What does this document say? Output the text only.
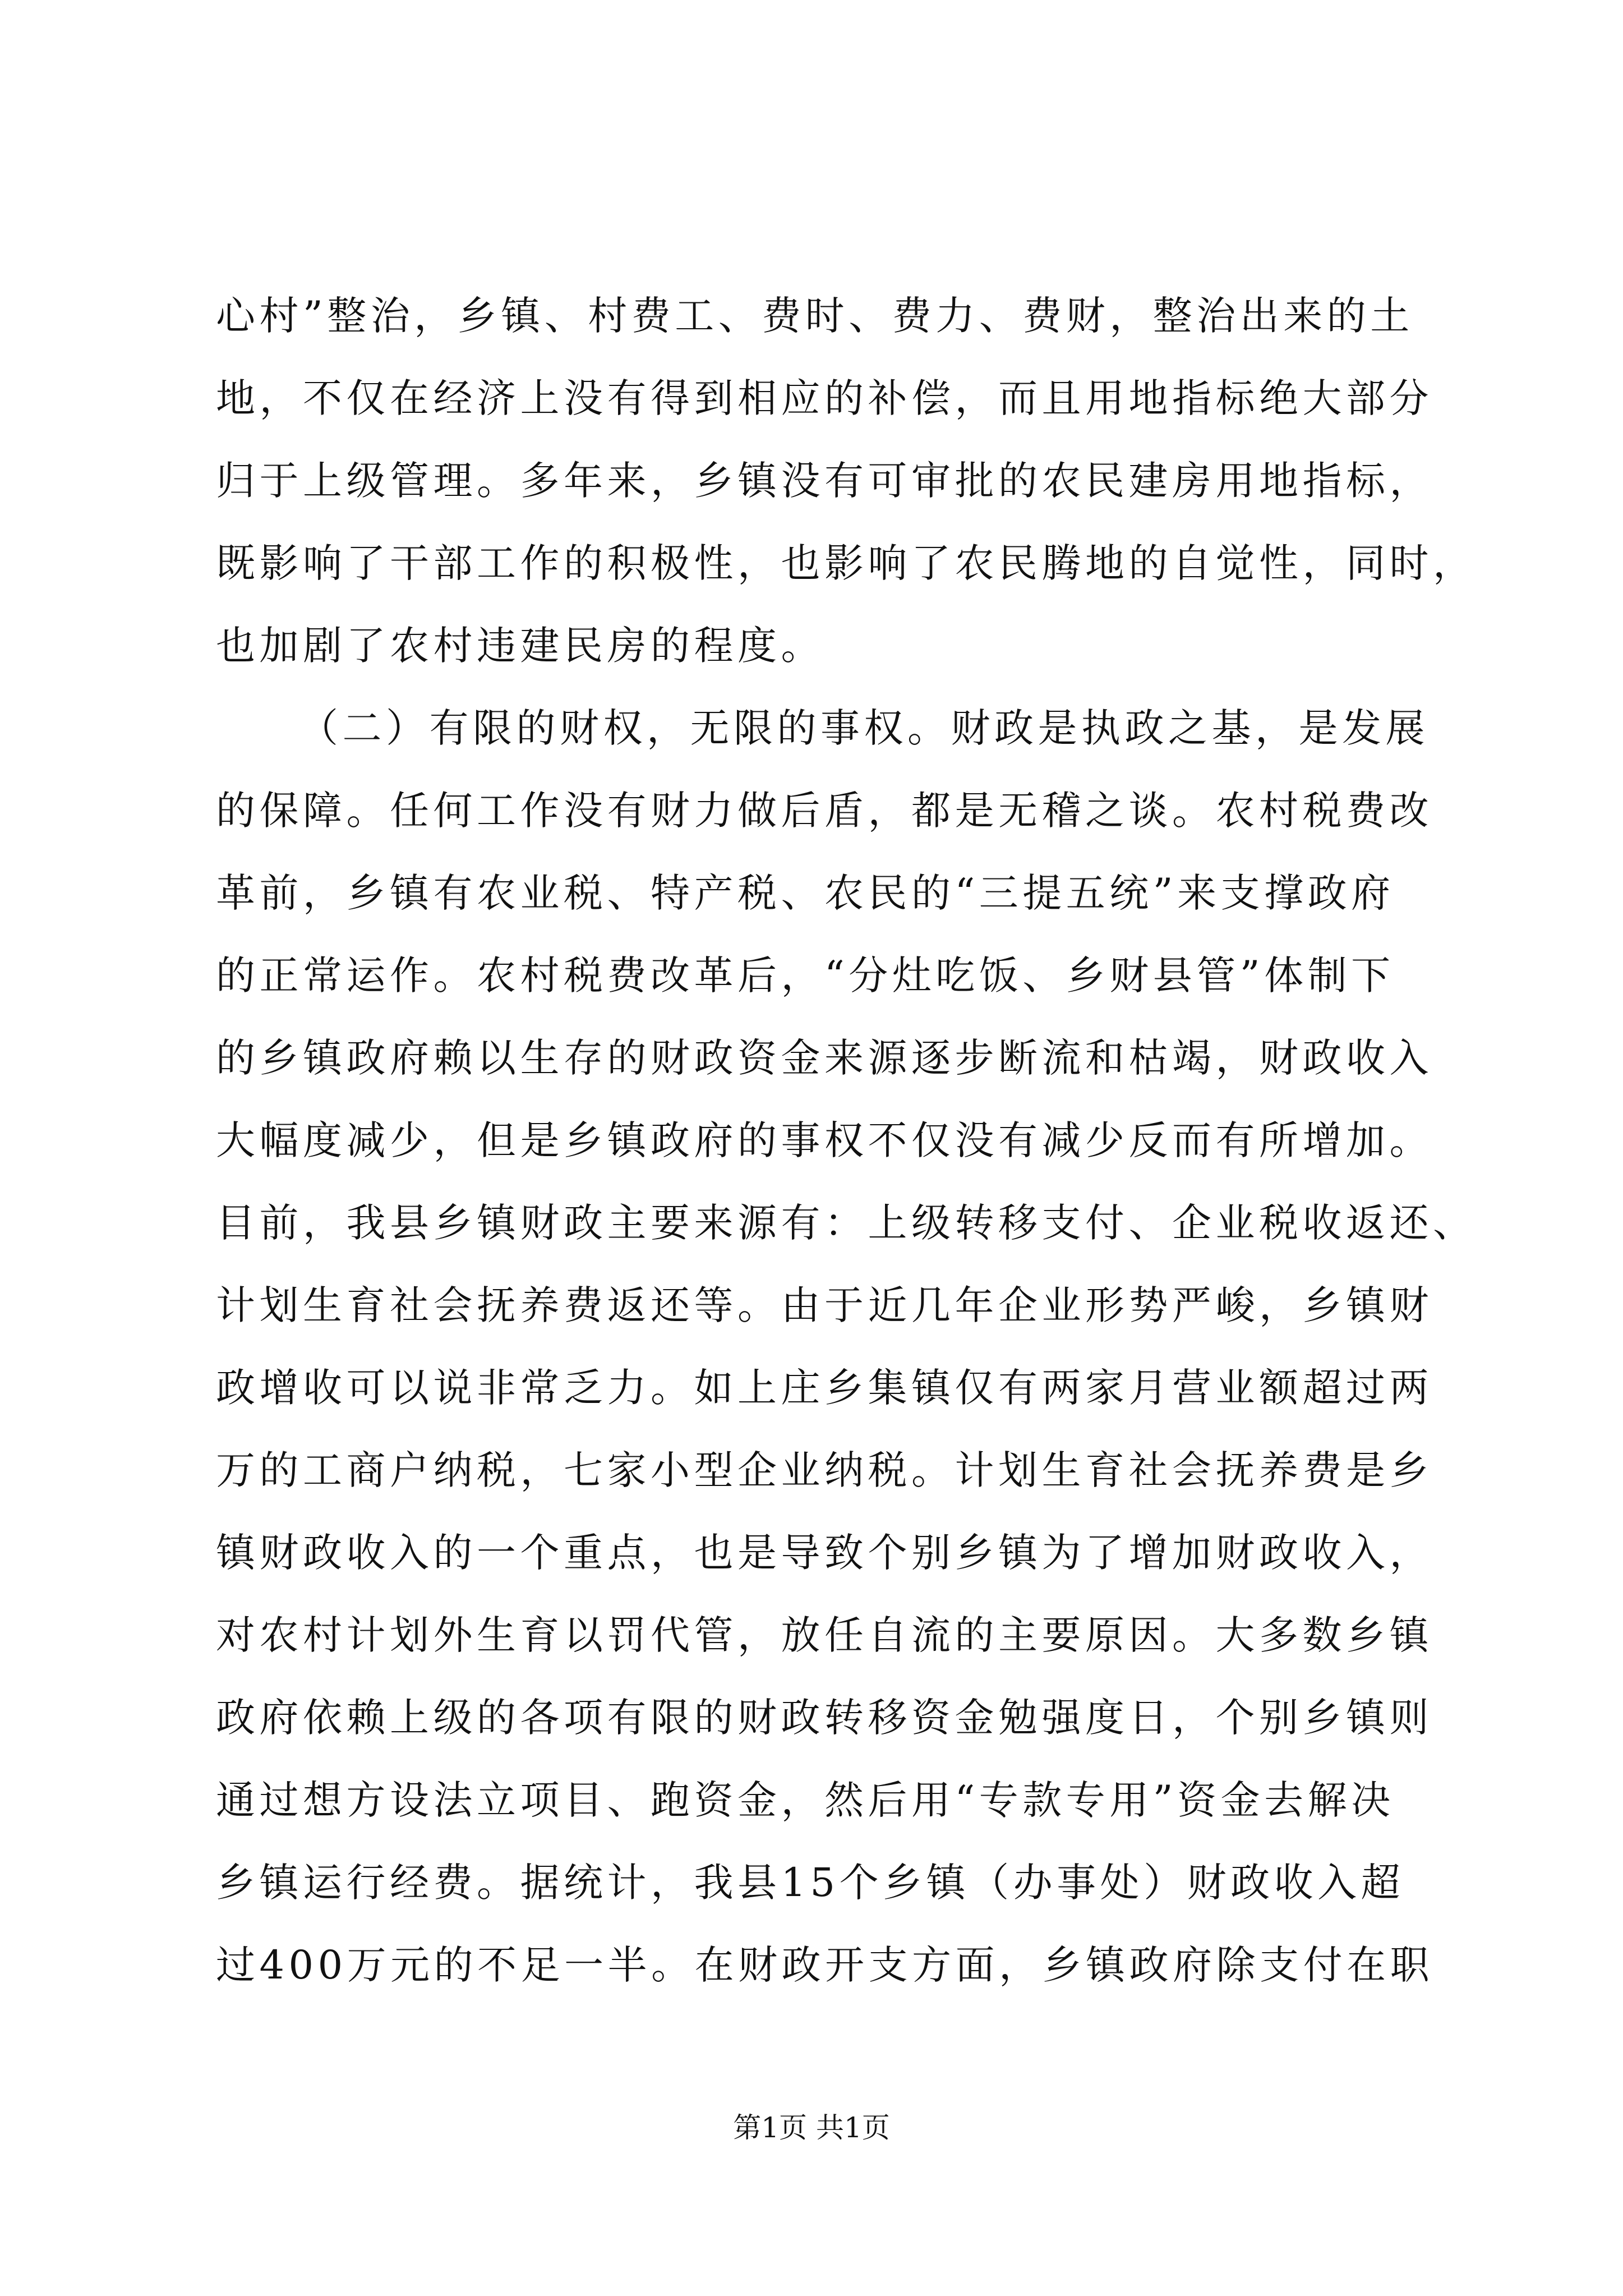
心村”整治，乡镇、村费工、费时、费力、费财，整治出来的土
地，不仅在经济上没有得到相应的补偿，而且用地指标绝大部分
归于上级管理。多年来，乡镇没有可审批的农民建房用地指标，
既影响了干部工作的积极性，也影响了农民腾地的自觉性，同时，
也加剧了农村违建民房的程度。
（二）有限的财权，无限的事权。财政是执政之基，是发展
的保障。任何工作没有财力做后盾，都是无稽之谈。农村税费改
革前，乡镇有农业税、特产税、农民的“三提五统”来支撑政府
的正常运作。农村税费改革后，“分灶吃饭、乡财县管”体制下
的乡镇政府赖以生存的财政资金来源逐步断流和枯竭，财政收入
大幅度减少，但是乡镇政府的事权不仅没有减少反而有所增加。
目前，我县乡镇财政主要来源有：上级转移支付、企业税收返还、
计划生育社会抚养费返还等。由于近几年企业形势严峻，乡镇财
政增收可以说非常乏力。如上庄乡集镇仅有两家月营业额超过两
万的工商户纳税，七家小型企业纳税。计划生育社会抚养费是乡
镇财政收入的一个重点，也是导致个别乡镇为了增加财政收入，
对农村计划外生育以罚代管，放任自流的主要原因。大多数乡镇
政府依赖上级的各项有限的财政转移资金勉强度日，个别乡镇则
通过想方设法立项目、跑资金，然后用“专款专用”资金去解决
乡镇运行经费。据统计，我县15个乡镇（办事处）财政收入超
过400万元的不足一半。在财政开支方面，乡镇政府除支付在职
第1页 共1页
